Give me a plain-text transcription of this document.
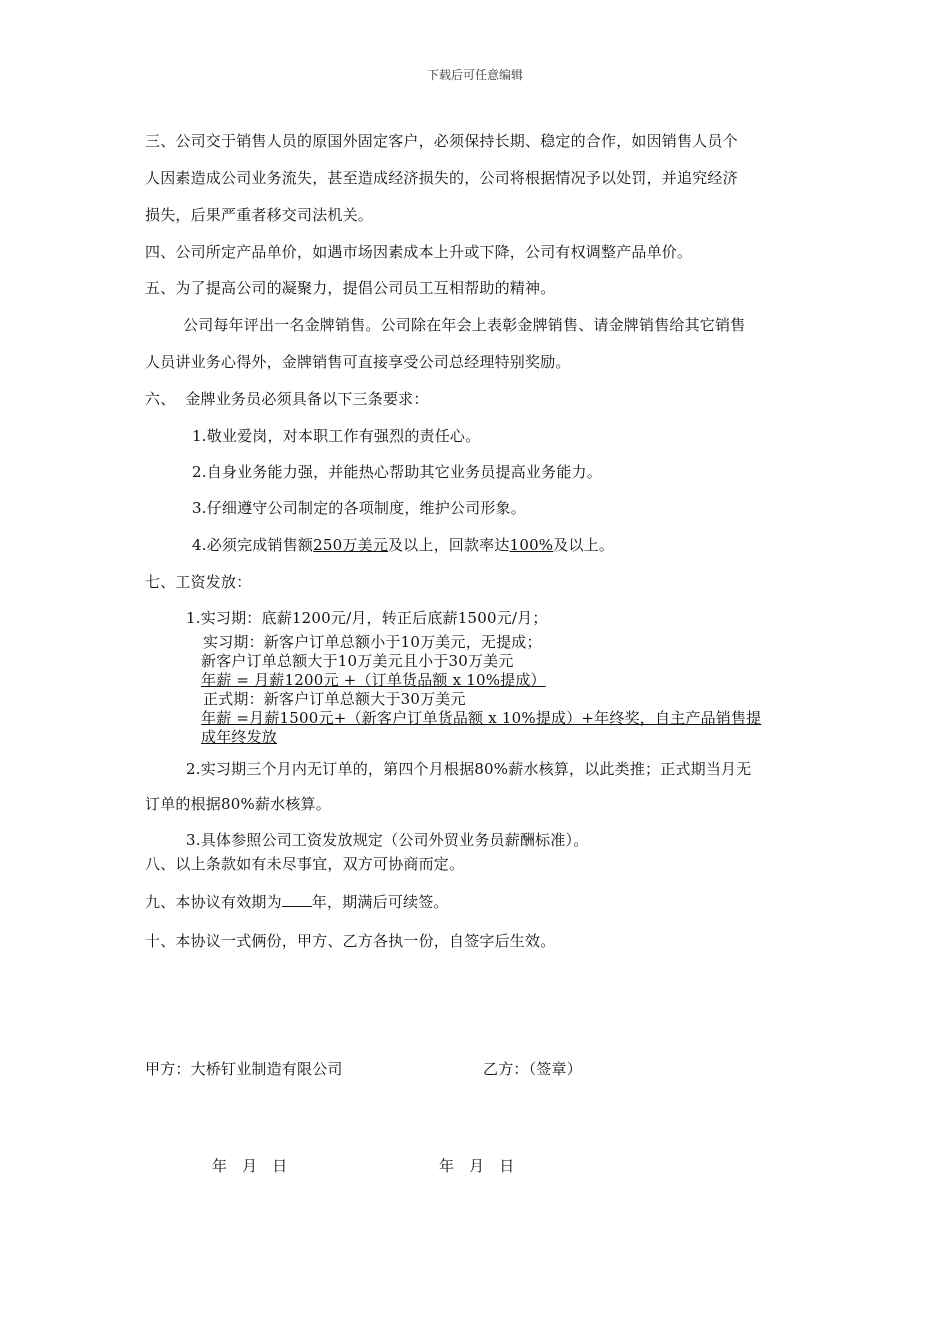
下载后可任意编辑
三、公司交于销售人员的原国外固定客户，必须保持长期、稳定的合作，如因销售人员个
人因素造成公司业务流失，甚至造成经济损失的，公司将根据情况予以处罚，并追究经济
损失，后果严重者移交司法机关。
四、公司所定产品单价，如遇市场因素成本上升或下降，公司有权调整产品单价。
五、为了提高公司的凝聚力，提倡公司员工互相帮助的精神。
公司每年评出一名金牌销售。公司除在年会上表彰金牌销售、请金牌销售给其它销售
人员讲业务心得外，金牌销售可直接享受公司总经理特别奖励。
六、  金牌业务员必须具备以下三条要求：
1.敬业爱岗，对本职工作有强烈的责任心。
2.自身业务能力强，并能热心帮助其它业务员提高业务能力。
3.仔细遵守公司制定的各项制度，维护公司形象。
4.必须完成销售额250万美元及以上，回款率达100%及以上。
七、工资发放：
1.实习期：底薪1200元/月，转正后底薪1500元/月；
实习期：新客户订单总额小于10万美元，无提成；
新客户订单总额大于10万美元且小于30万美元
年薪 = 月薪1200元 +（订单货品额 x 10%提成）
正式期：新客户订单总额大于30万美元
年薪 =月薪1500元+（新客户订单货品额 x 10%提成）+年终奖，自主产品销售提
成年终发放
2.实习期三个月内无订单的，第四个月根据80%薪水核算，以此类推；正式期当月无
订单的根据80%薪水核算。
3.具体参照公司工资发放规定（公司外贸业务员薪酬标准）。
八、以上条款如有未尽事宜，双方可协商而定。
九、本协议有效期为 年，期满后可续签。
十、本协议一式俩份，甲方、乙方各执一份，自签字后生效。
甲方：大桥钉业制造有限公司	乙方：（签章）
年   月   日	年   月   日
